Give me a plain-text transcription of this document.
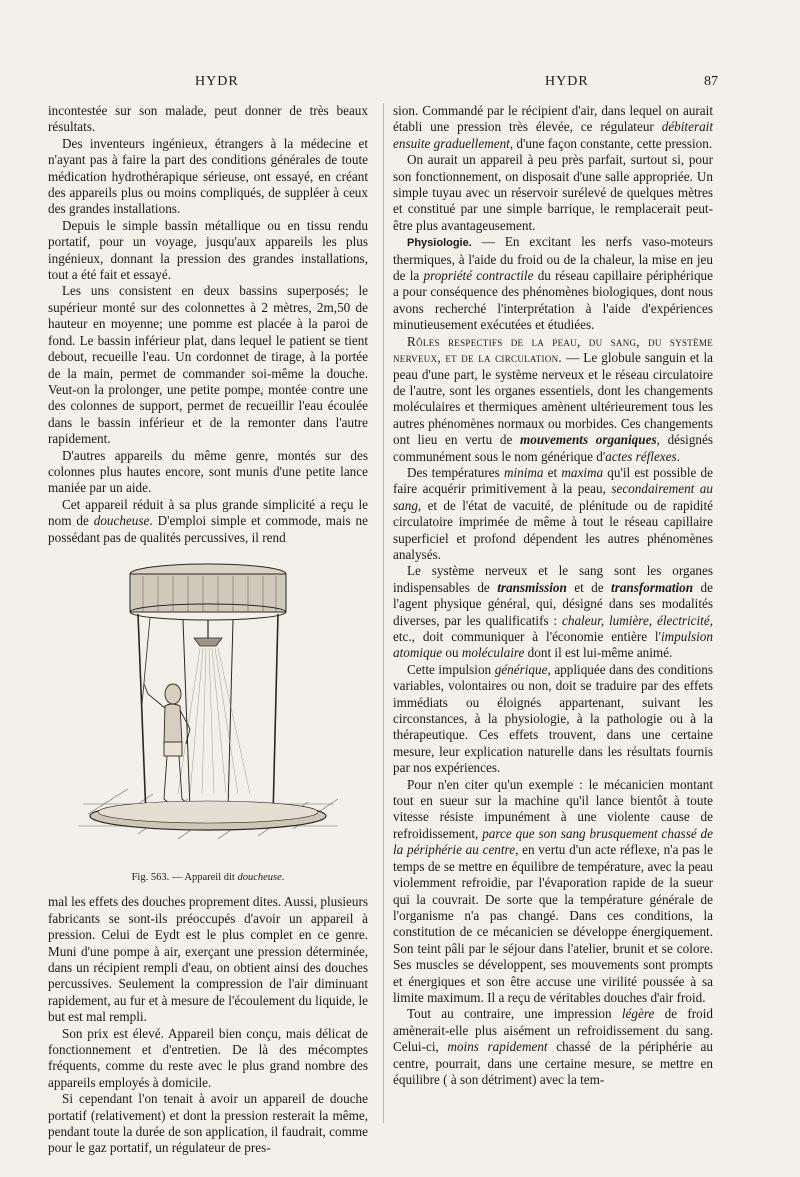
HYDR	HYDR	87

incontestée sur son malade, peut donner de très beaux résultats.

Des inventeurs ingénieux, étrangers à la médecine et n'ayant pas à faire la part des conditions générales de toute médication hydrothérapique sérieuse, ont essayé, en créant des appareils plus ou moins compliqués, de suppléer à ceux des grandes installations.

Depuis le simple bassin métallique ou en tissu rendu portatif, pour un voyage, jusqu'aux appareils les plus ingénieux, donnant la pression des grandes installations, tout a été fait et essayé.

Les uns consistent en deux bassins superposés; le supérieur monté sur des colonnettes à 2 mètres, 2m,50 de hauteur en moyenne; une pomme est placée à la paroi de fond. Le bassin inférieur plat, dans lequel le patient se tient debout, recueille l'eau. Un cordonnet de tirage, à la portée de la main, permet de commander soi-même la douche. Veut-on la prolonger, une petite pompe, montée contre une des colonnes de support, permet de recueillir l'eau écoulée dans le bassin inférieur et de la remonter dans l'autre rapidement.

D'autres appareils du même genre, montés sur des colonnes plus hautes encore, sont munis d'une petite lance maniée par un aide.

Cet appareil réduit à sa plus grande simplicité a reçu le nom de doucheuse. D'emploi simple et commode, mais ne possédant pas de qualités percussives, il rend

Fig. 563. — Appareil dit doucheuse.

mal les effets des douches proprement dites. Aussi, plusieurs fabricants se sont-ils préoccupés d'avoir un appareil à pression. Celui de Eydt est le plus complet en ce genre. Muni d'une pompe à air, exerçant une pression déterminée, dans un récipient rempli d'eau, on obtient ainsi des douches percussives. Seulement la compression de l'air diminuant rapidement, au fur et à mesure de l'écoulement du liquide, le but est mal rempli.

Son prix est élevé. Appareil bien conçu, mais délicat de fonctionnement et d'entretien. De là des mécomptes fréquents, comme du reste avec le plus grand nombre des appareils employés à domicile.

Si cependant l'on tenait à avoir un appareil de douche portatif (relativement) et dont la pression resterait la même, pendant toute la durée de son application, il faudrait, comme pour le gaz portatif, un régulateur de pres-

sion. Commandé par le récipient d'air, dans lequel on aurait établi une pression très élevée, ce régulateur débiterait ensuite graduellement, d'une façon constante, cette pression.

On aurait un appareil à peu près parfait, surtout si, pour son fonctionnement, on disposait d'une salle appropriée. Un simple tuyau avec un réservoir surélevé de quelques mètres et constitué par une simple barrique, le remplacerait peut-être plus avantageusement.

Physiologie. — En excitant les nerfs vaso-moteurs thermiques, à l'aide du froid ou de la chaleur, la mise en jeu de la propriété contractile du réseau capillaire périphérique a pour conséquence des phénomènes biologiques, dont nous avons recherché l'interprétation à l'aide d'expériences minutieusement exécutées et étudiées.

Rôles respectifs de la peau, du sang, du système nerveux, et de la circulation. — Le globule sanguin et la peau d'une part, le système nerveux et le réseau circulatoire de l'autre, sont les organes essentiels, dont les changements moléculaires et thermiques amènent ultérieurement tous les autres phénomènes normaux ou morbides. Ces changements ont lieu en vertu de mouvements organiques, désignés communément sous le nom générique d'actes réflexes.

Des températures minima et maxima qu'il est possible de faire acquérir primitivement à la peau, secondairement au sang, et de l'état de vacuité, de plénitude ou de rapidité circulatoire imprimée de même à tout le réseau capillaire superficiel et profond dépendent les autres phénomènes analysés.

Le système nerveux et le sang sont les organes indispensables de transmission et de transformation de l'agent physique général, qui, désigné dans ses modalités diverses, par les qualificatifs : chaleur, lumière, électricité, etc., doit communiquer à l'économie entière l'impulsion atomique ou moléculaire dont il est lui-même animé.

Cette impulsion générique, appliquée dans des conditions variables, volontaires ou non, doit se traduire par des effets immédiats ou éloignés appartenant, suivant les circonstances, à la physiologie, à la pathologie ou à la thérapeutique. Ces effets trouvent, dans une certaine mesure, leur explication naturelle dans les résultats fournis par nos expériences.

Pour n'en citer qu'un exemple : le mécanicien montant tout en sueur sur la machine qu'il lance bientôt à toute vitesse résiste impunément à une violente cause de refroidissement, parce que son sang brusquement chassé de la périphérie au centre, en vertu d'un acte réflexe, n'a pas le temps de se mettre en équilibre de température, avec la peau violemment refroidie, par l'évaporation rapide de la sueur qui la couvrait. De sorte que la température générale de l'organisme n'a pas changé. Dans ces conditions, la constitution de ce mécanicien se développe énergiquement. Son teint pâli par le séjour dans l'atelier, brunit et se colore. Ses muscles se développent, ses mouvements sont prompts et énergiques et son être accuse une virilité poussée à sa limite maximum. Il a reçu de véritables douches d'air froid.

Tout au contraire, une impression légère de froid amènerait-elle plus aisément un refroidissement du sang. Celui-ci, moins rapidement chassé de la périphérie au centre, pourrait, dans une certaine mesure, se mettre en équilibre ( à son détriment) avec la tem-
